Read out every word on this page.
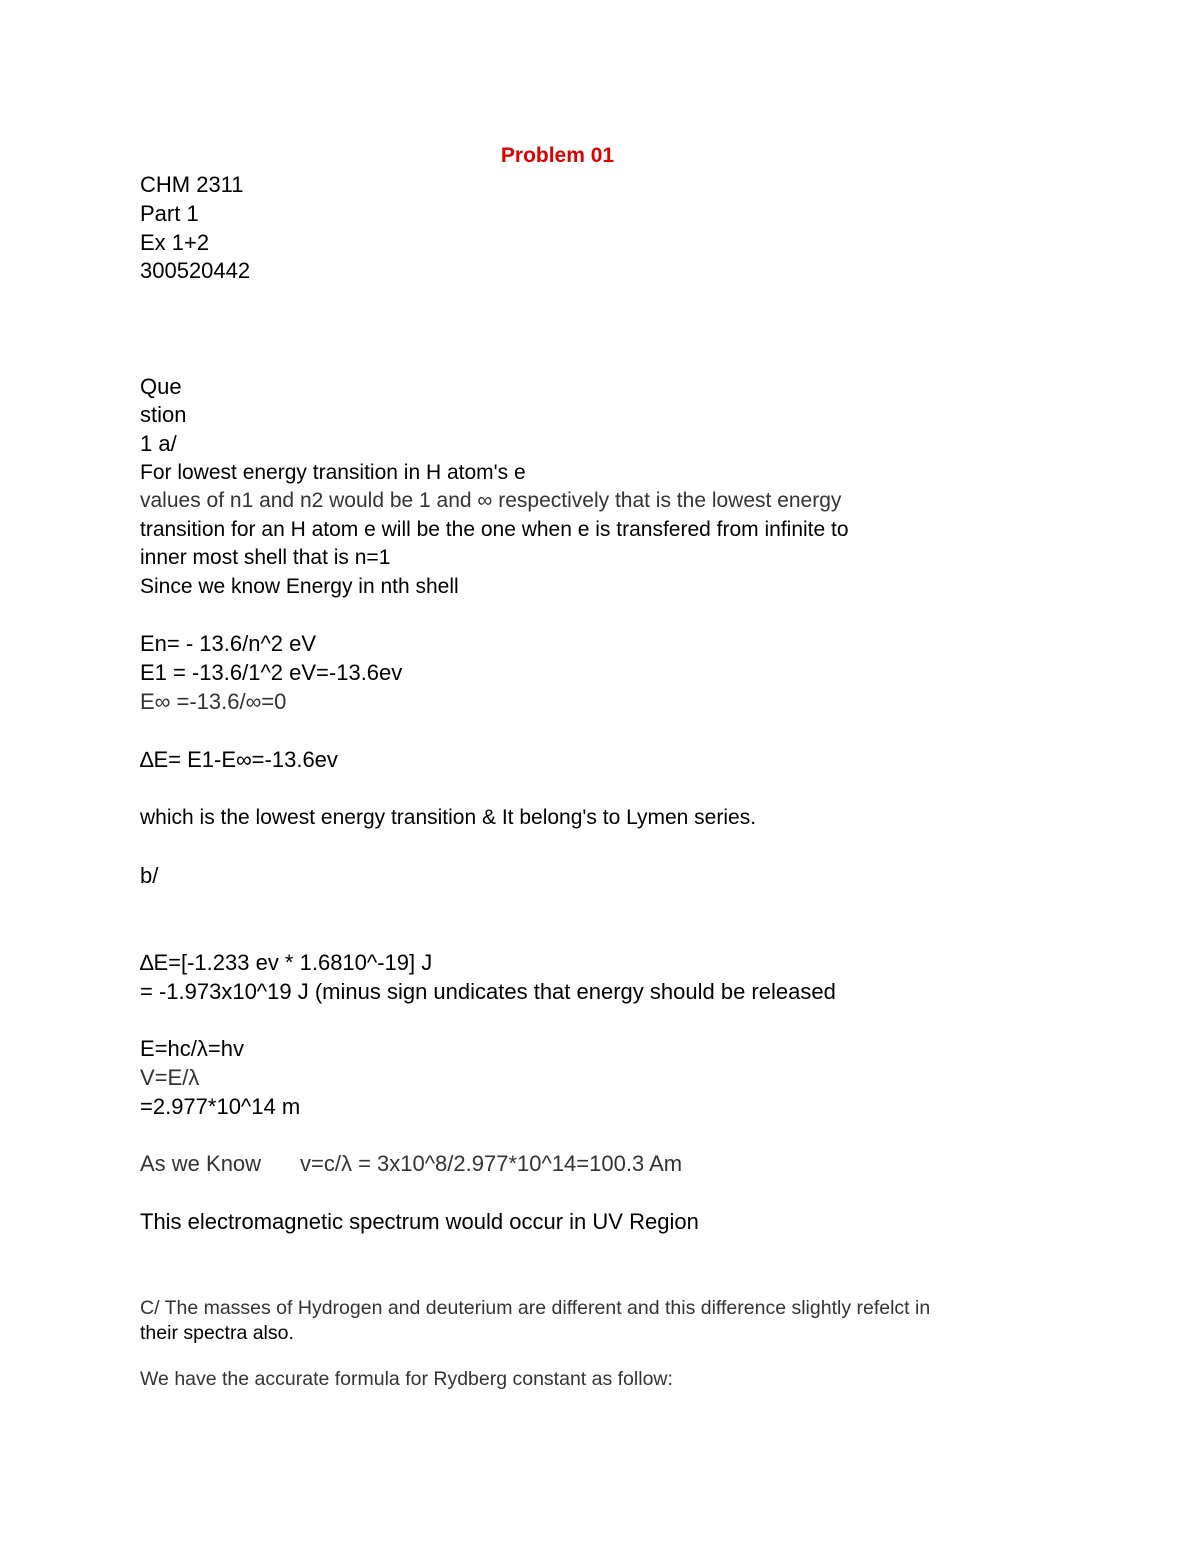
Problem 01

CHM 2311

Part 1

Ex 1+2

300520442

Que

stion

1 a/

For lowest energy transition in H atom's e

values of n1 and n2 would be 1 and ∞ respectively that is the lowest energy

transition for an H atom e will be the one when e is transfered from infinite to

inner most shell that is n=1

Since we know Energy in nth shell

En= - 13.6/n^2 eV

E1 = -13.6/1^2 eV=-13.6ev

E∞ =-13.6/∞=0

∆E= E1-E∞=-13.6ev

which is the lowest energy transition & It belong's to Lymen series.

b/

∆E=[-1.233 ev * 1.6810^-19] J

= -1.973x10^19 J (minus sign undicates that energy should be released

E=hc/λ=hv

V=E/λ

=2.977*10^14 m

As we Know v=c/λ = 3x10^8/2.977*10^14=100.3 Am

This electromagnetic spectrum would occur in UV Region

C/ The masses of Hydrogen and deuterium are different and this difference slightly refelct in

their spectra also.

We have the accurate formula for Rydberg constant as follow:
